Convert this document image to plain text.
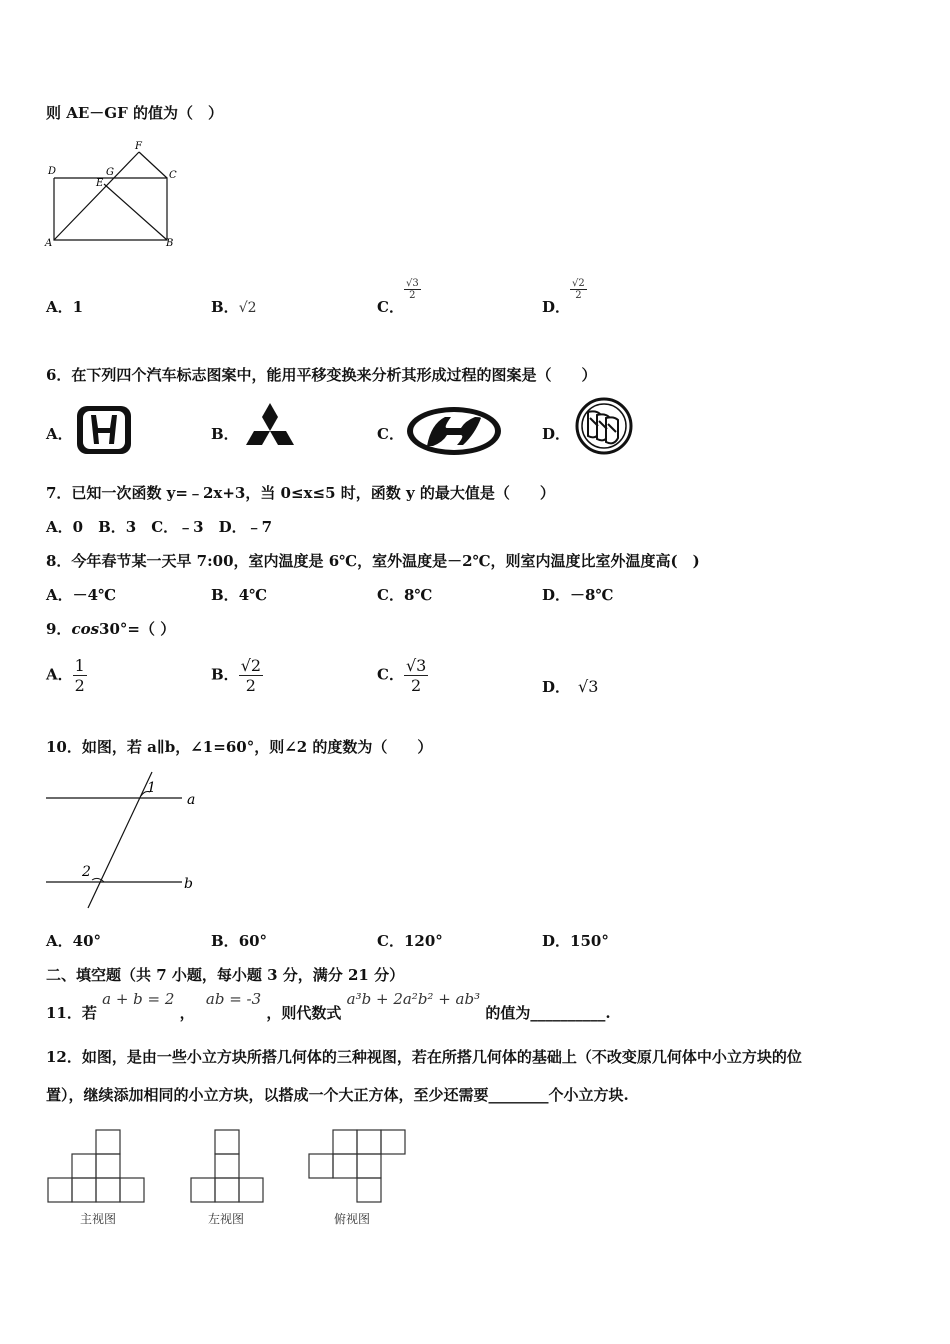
则 AE－GF 的值为（　）
D	G
F
E
C
A	B
A．1	B．√2	C．
$\frac{√3}{2}$
D．
$\frac{√2}{2}$
6．在下列四个汽车标志图案中，能用平移变换来分析其形成过程的图案是（　　）
A．	B．	C．	D．
7．已知一次函数 y=﹣2x+3，当 0≤x≤5 时，函数 y 的最大值是（　　）
A．0　B．3　C．﹣3　D．﹣7
8．今年春节某一天早 7:00，室内温度是 6℃，室外温度是－2℃，则室内温度比室外温度高(　)
A．－4℃	B．4℃	C．8℃	D．－8℃
9．cos30°=（ ）
A． $\frac{1}{2}$	B． $\frac{√2}{2}$	C． $\frac{√3}{2}$	D． √3
10．如图，若 a∥b，∠1=60°，则∠2 的度数为（　　）
1
a
2
b
A．40°	B．60°	C．120°	D．150°
二、填空题（共 7 小题，每小题 3 分，满分 21 分）
11．若 a + b = 2 ， ab = -3 ，则代数式 a³b + 2a²b² + ab³ 的值为__________.
12．如图，是由一些小立方块所搭几何体的三种视图，若在所搭几何体的基础上（不改变原几何体中小立方块的位
置），继续添加相同的小立方块，以搭成一个大正方体，至少还需要________个小立方块.
主视图	左视图	俯视图
